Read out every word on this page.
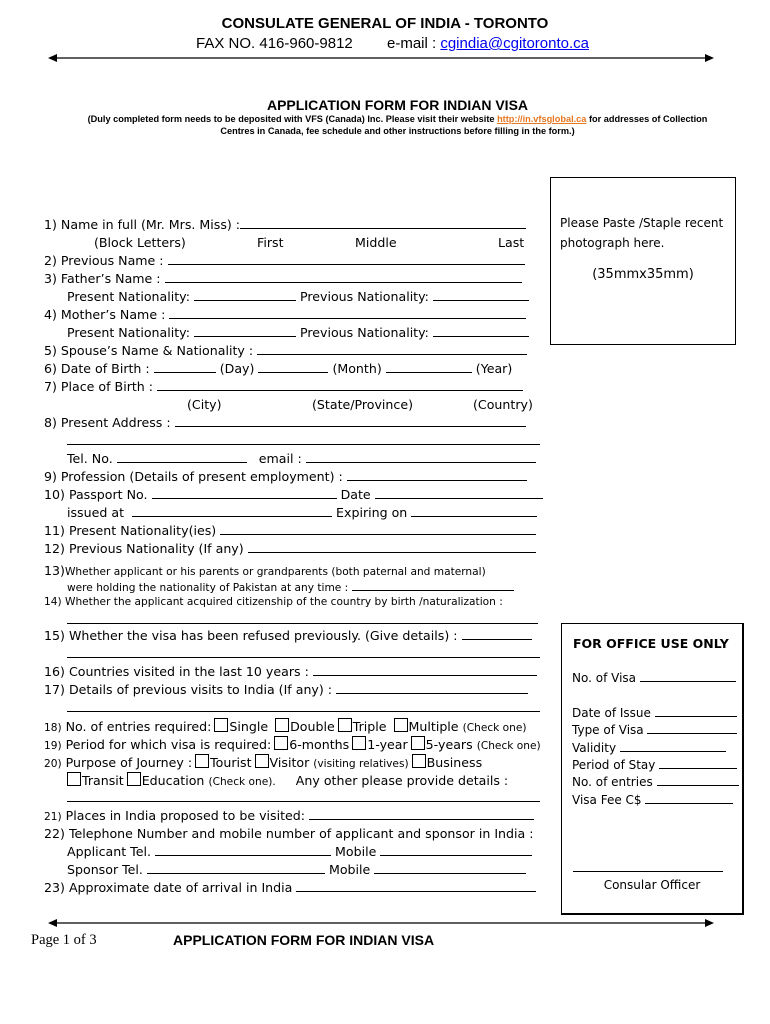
CONSULATE GENERAL OF INDIA - TORONTO
FAX NO. 416-960-9812 e-mail : cgindia@cgitoronto.ca
APPLICATION FORM FOR INDIAN VISA
(Duly completed form needs to be deposited with VFS (Canada) Inc. Please visit their website http://in.vfsglobal.ca for addresses of Collection
Centres in Canada, fee schedule and other instructions before filling in the form.)
Please Paste /Staple recent
photograph here.
(35mmx35mm)
1) Name in full (Mr. Mrs. Miss) :
(Block Letters)	First	Middle	Last
2) Previous Name :
3) Father’s Name :
Present Nationality:	Previous Nationality:
4) Mother’s Name :
Present Nationality:	Previous Nationality:
5) Spouse’s Name & Nationality :
6) Date of Birth :	(Day)	(Month)	(Year)
7) Place of Birth :
(City)	(State/Province)	(Country)
8) Present Address :
Tel. No.	email :
9) Profession (Details of present employment) :
10) Passport No.	Date
issued at	Expiring on
11) Present Nationality(ies)
12) Previous Nationality (If any)
13)Whether applicant or his parents or grandparents (both paternal and maternal)
were holding the nationality of Pakistan at any time :
14) Whether the applicant acquired citizenship of the country by birth /naturalization :
15) Whether the visa has been refused previously. (Give details) :
16) Countries visited in the last 10 years :
17) Details of previous visits to India (If any) :
18) No. of entries required: Single Double Triple Multiple (Check one)
19) Period for which visa is required: 6-months 1-year 5-years (Check one)
20) Purpose of Journey : Tourist Visitor (visiting relatives) Business
Transit Education (Check one). Any other please provide details :
21) Places in India proposed to be visited:
22) Telephone Number and mobile number of applicant and sponsor in India :
Applicant Tel.	Mobile
Sponsor Tel.	Mobile
23) Approximate date of arrival in India
FOR OFFICE USE ONLY
No. of Visa
Date of Issue
Type of Visa
Validity
Period of Stay
No. of entries
Visa Fee C$
Consular Officer
Page 1 of 3	APPLICATION FORM FOR INDIAN VISA
